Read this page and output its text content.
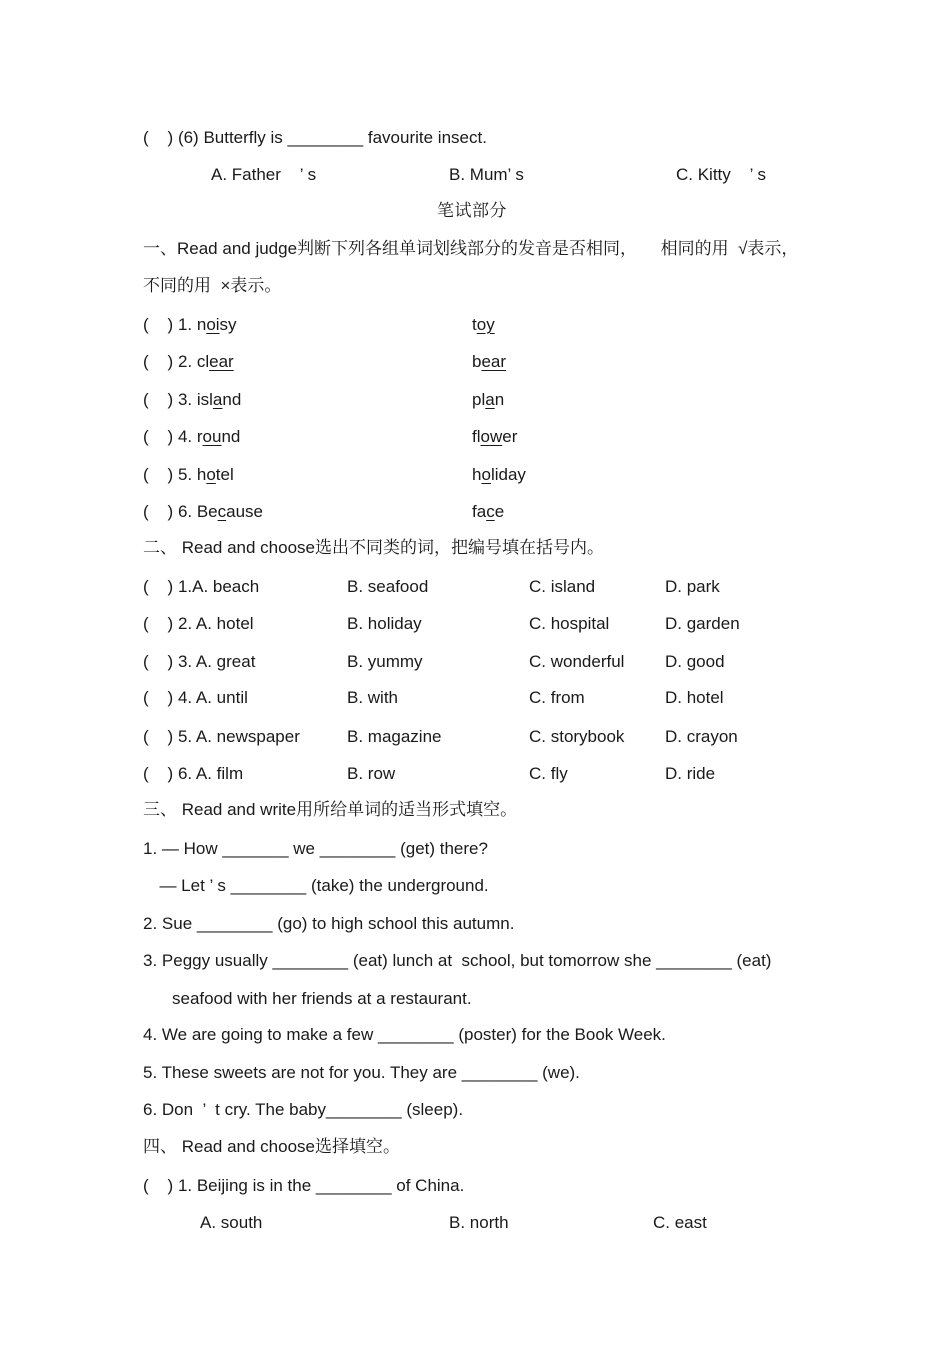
(    ) (6) Butterfly is ________ favourite insect.
A. Father    ’ s	B. Mum’ s	C. Kitty    ’ s
笔试部分
一、Read and judge判断下列各组单词划线部分的发音是否相同，     相同的用  √表示，
不同的用  ×表示。
(    ) 1. noisy	toy
(    ) 2. clear	bear
(    ) 3. island	plan
(    ) 4. round	flower
(    ) 5. hotel	holiday
(    ) 6. Because	face
二、 Read and choose选出不同类的词，把编号填在括号内。
(    ) 1.A. beach	B. seafood	C. island	D. park
(    ) 2. A. hotel	B. holiday	C. hospital	D. garden
(    ) 3. A. great	B. yummy	C. wonderful D. good
(    ) 4. A. until	B. with	C. from	D. hotel
(    ) 5. A. newspaper	B. magazine	C. storybook D. crayon
(    ) 6. A. film	B. row	C. fly	D. ride
三、 Read and write用所给单词的适当形式填空。
1. — How _______ we ________ (get) there?
— Let ’ s ________ (take) the underground.
2. Sue ________ (go) to high school this autumn.
3. Peggy usually ________ (eat) lunch at  school, but tomorrow she ________ (eat)
seafood with her friends at a restaurant.
4. We are going to make a few ________ (poster) for the Book Week.
5. These sweets are not for you. They are ________ (we).
6. Don  ’  t cry. The baby________ (sleep).
四、 Read and choose选择填空。
(    ) 1. Beijing is in the ________ of China.
A. south	B. north	C. east
